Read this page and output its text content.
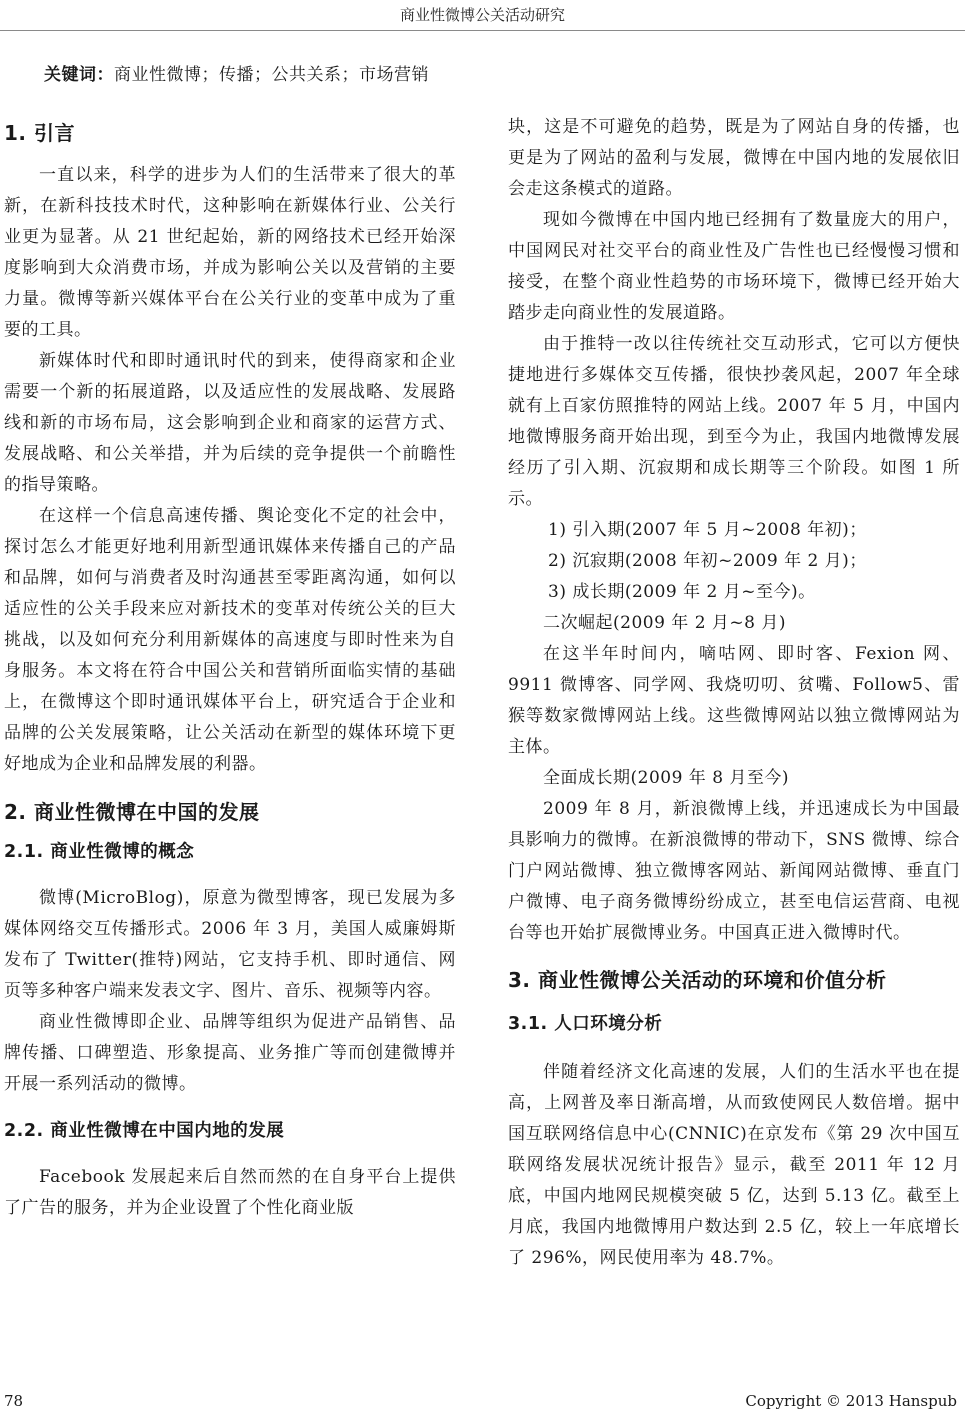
商业性微博公关活动研究
关键词：商业性微博；传播；公共关系；市场营销
1. 引言

一直以来，科学的进步为人们的生活带来了很大的革新，在新科技技术时代，这种影响在新媒体行业、公关行业更为显著。从 21 世纪起始，新的网络技术已经开始深度影响到大众消费市场，并成为影响公关以及营销的主要力量。微博等新兴媒体平台在公关行业的变革中成为了重要的工具。

新媒体时代和即时通讯时代的到来，使得商家和企业需要一个新的拓展道路，以及适应性的发展战略、发展路线和新的市场布局，这会影响到企业和商家的运营方式、发展战略、和公关举措，并为后续的竞争提供一个前瞻性的指导策略。

在这样一个信息高速传播、舆论变化不定的社会中，探讨怎么才能更好地利用新型通讯媒体来传播自己的产品和品牌，如何与消费者及时沟通甚至零距离沟通，如何以适应性的公关手段来应对新技术的变革对传统公关的巨大挑战，以及如何充分利用新媒体的高速度与即时性来为自身服务。本文将在符合中国公关和营销所面临实情的基础上，在微博这个即时通讯媒体平台上，研究适合于企业和品牌的公关发展策略，让公关活动在新型的媒体环境下更好地成为企业和品牌发展的利器。

2. 商业性微博在中国的发展
2.1. 商业性微博的概念

微博(MicroBlog)，原意为微型博客，现已发展为多媒体网络交互传播形式。2006 年 3 月，美国人威廉姆斯发布了 Twitter(推特)网站，它支持手机、即时通信、网页等多种客户端来发表文字、图片、音乐、视频等内容。

商业性微博即企业、品牌等组织为促进产品销售、品牌传播、口碑塑造、形象提高、业务推广等而创建微博并开展一系列活动的微博。

2.2. 商业性微博在中国内地的发展

Facebook 发展起来后自然而然的在自身平台上提供了广告的服务，并为企业设置了个性化商业版

块，这是不可避免的趋势，既是为了网站自身的传播，也更是为了网站的盈利与发展，微博在中国内地的发展依旧会走这条模式的道路。

现如今微博在中国内地已经拥有了数量庞大的用户，中国网民对社交平台的商业性及广告性也已经慢慢习惯和接受，在整个商业性趋势的市场环境下，微博已经开始大踏步走向商业性的发展道路。

由于推特一改以往传统社交互动形式，它可以方便快捷地进行多媒体交互传播，很快抄袭风起，2007 年全球就有上百家仿照推特的网站上线。2007 年 5 月，中国内地微博服务商开始出现，到至今为止，我国内地微博发展经历了引入期、沉寂期和成长期等三个阶段。如图 1 所示。

1) 引入期(2007 年 5 月~2008 年初)；

2) 沉寂期(2008 年初~2009 年 2 月)；

3) 成长期(2009 年 2 月~至今)。

二次崛起(2009 年 2 月~8 月)

在这半年时间内，嘀咕网、即时客、Fexion 网、9911 微博客、同学网、我烧叨叨、贫嘴、Follow5、雷猴等数家微博网站上线。这些微博网站以独立微博网站为主体。

全面成长期(2009 年 8 月至今)

2009 年 8 月，新浪微博上线，并迅速成长为中国最具影响力的微博。在新浪微博的带动下，SNS 微博、综合门户网站微博、独立微博客网站、新闻网站微博、垂直门户微博、电子商务微博纷纷成立，甚至电信运营商、电视台等也开始扩展微博业务。中国真正进入微博时代。

3. 商业性微博公关活动的环境和价值分析
3.1. 人口环境分析

伴随着经济文化高速的发展，人们的生活水平也在提高，上网普及率日渐高增，从而致使网民人数倍增。据中国互联网络信息中心(CNNIC)在京发布《第 29 次中国互联网络发展状况统计报告》显示，截至 2011 年 12 月底，中国内地网民规模突破 5 亿，达到 5.13 亿。截至上月底，我国内地微博用户数达到 2.5 亿，较上一年底增长了 296%，网民使用率为 48.7%。

78	Copyright © 2013 Hanspub
